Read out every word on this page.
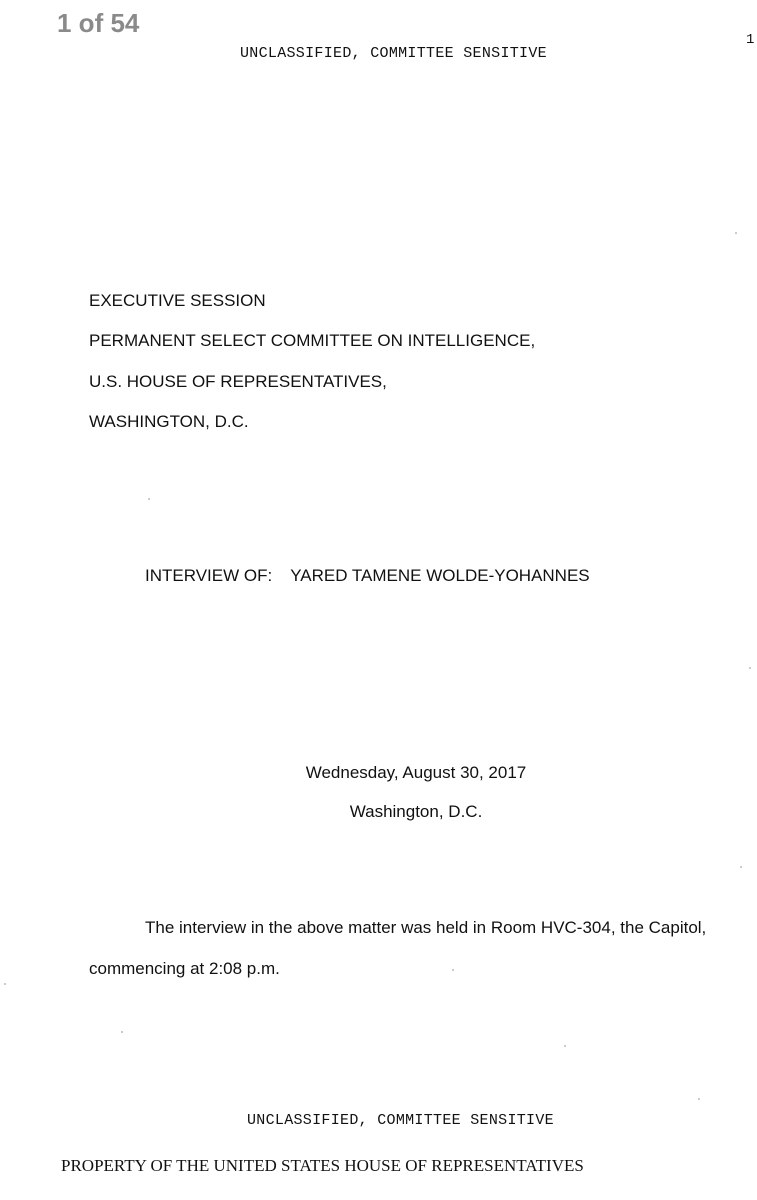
1 of 54
1
UNCLASSIFIED, COMMITTEE SENSITIVE
EXECUTIVE SESSION
PERMANENT SELECT COMMITTEE ON INTELLIGENCE,
U.S. HOUSE OF REPRESENTATIVES,
WASHINGTON, D.C.
INTERVIEW OF: YARED TAMENE WOLDE-YOHANNES
Wednesday, August 30, 2017
Washington, D.C.
The interview in the above matter was held in Room HVC-304, the Capitol,
commencing at 2:08 p.m.
UNCLASSIFIED, COMMITTEE SENSITIVE
PROPERTY OF THE UNITED STATES HOUSE OF REPRESENTATIVES
